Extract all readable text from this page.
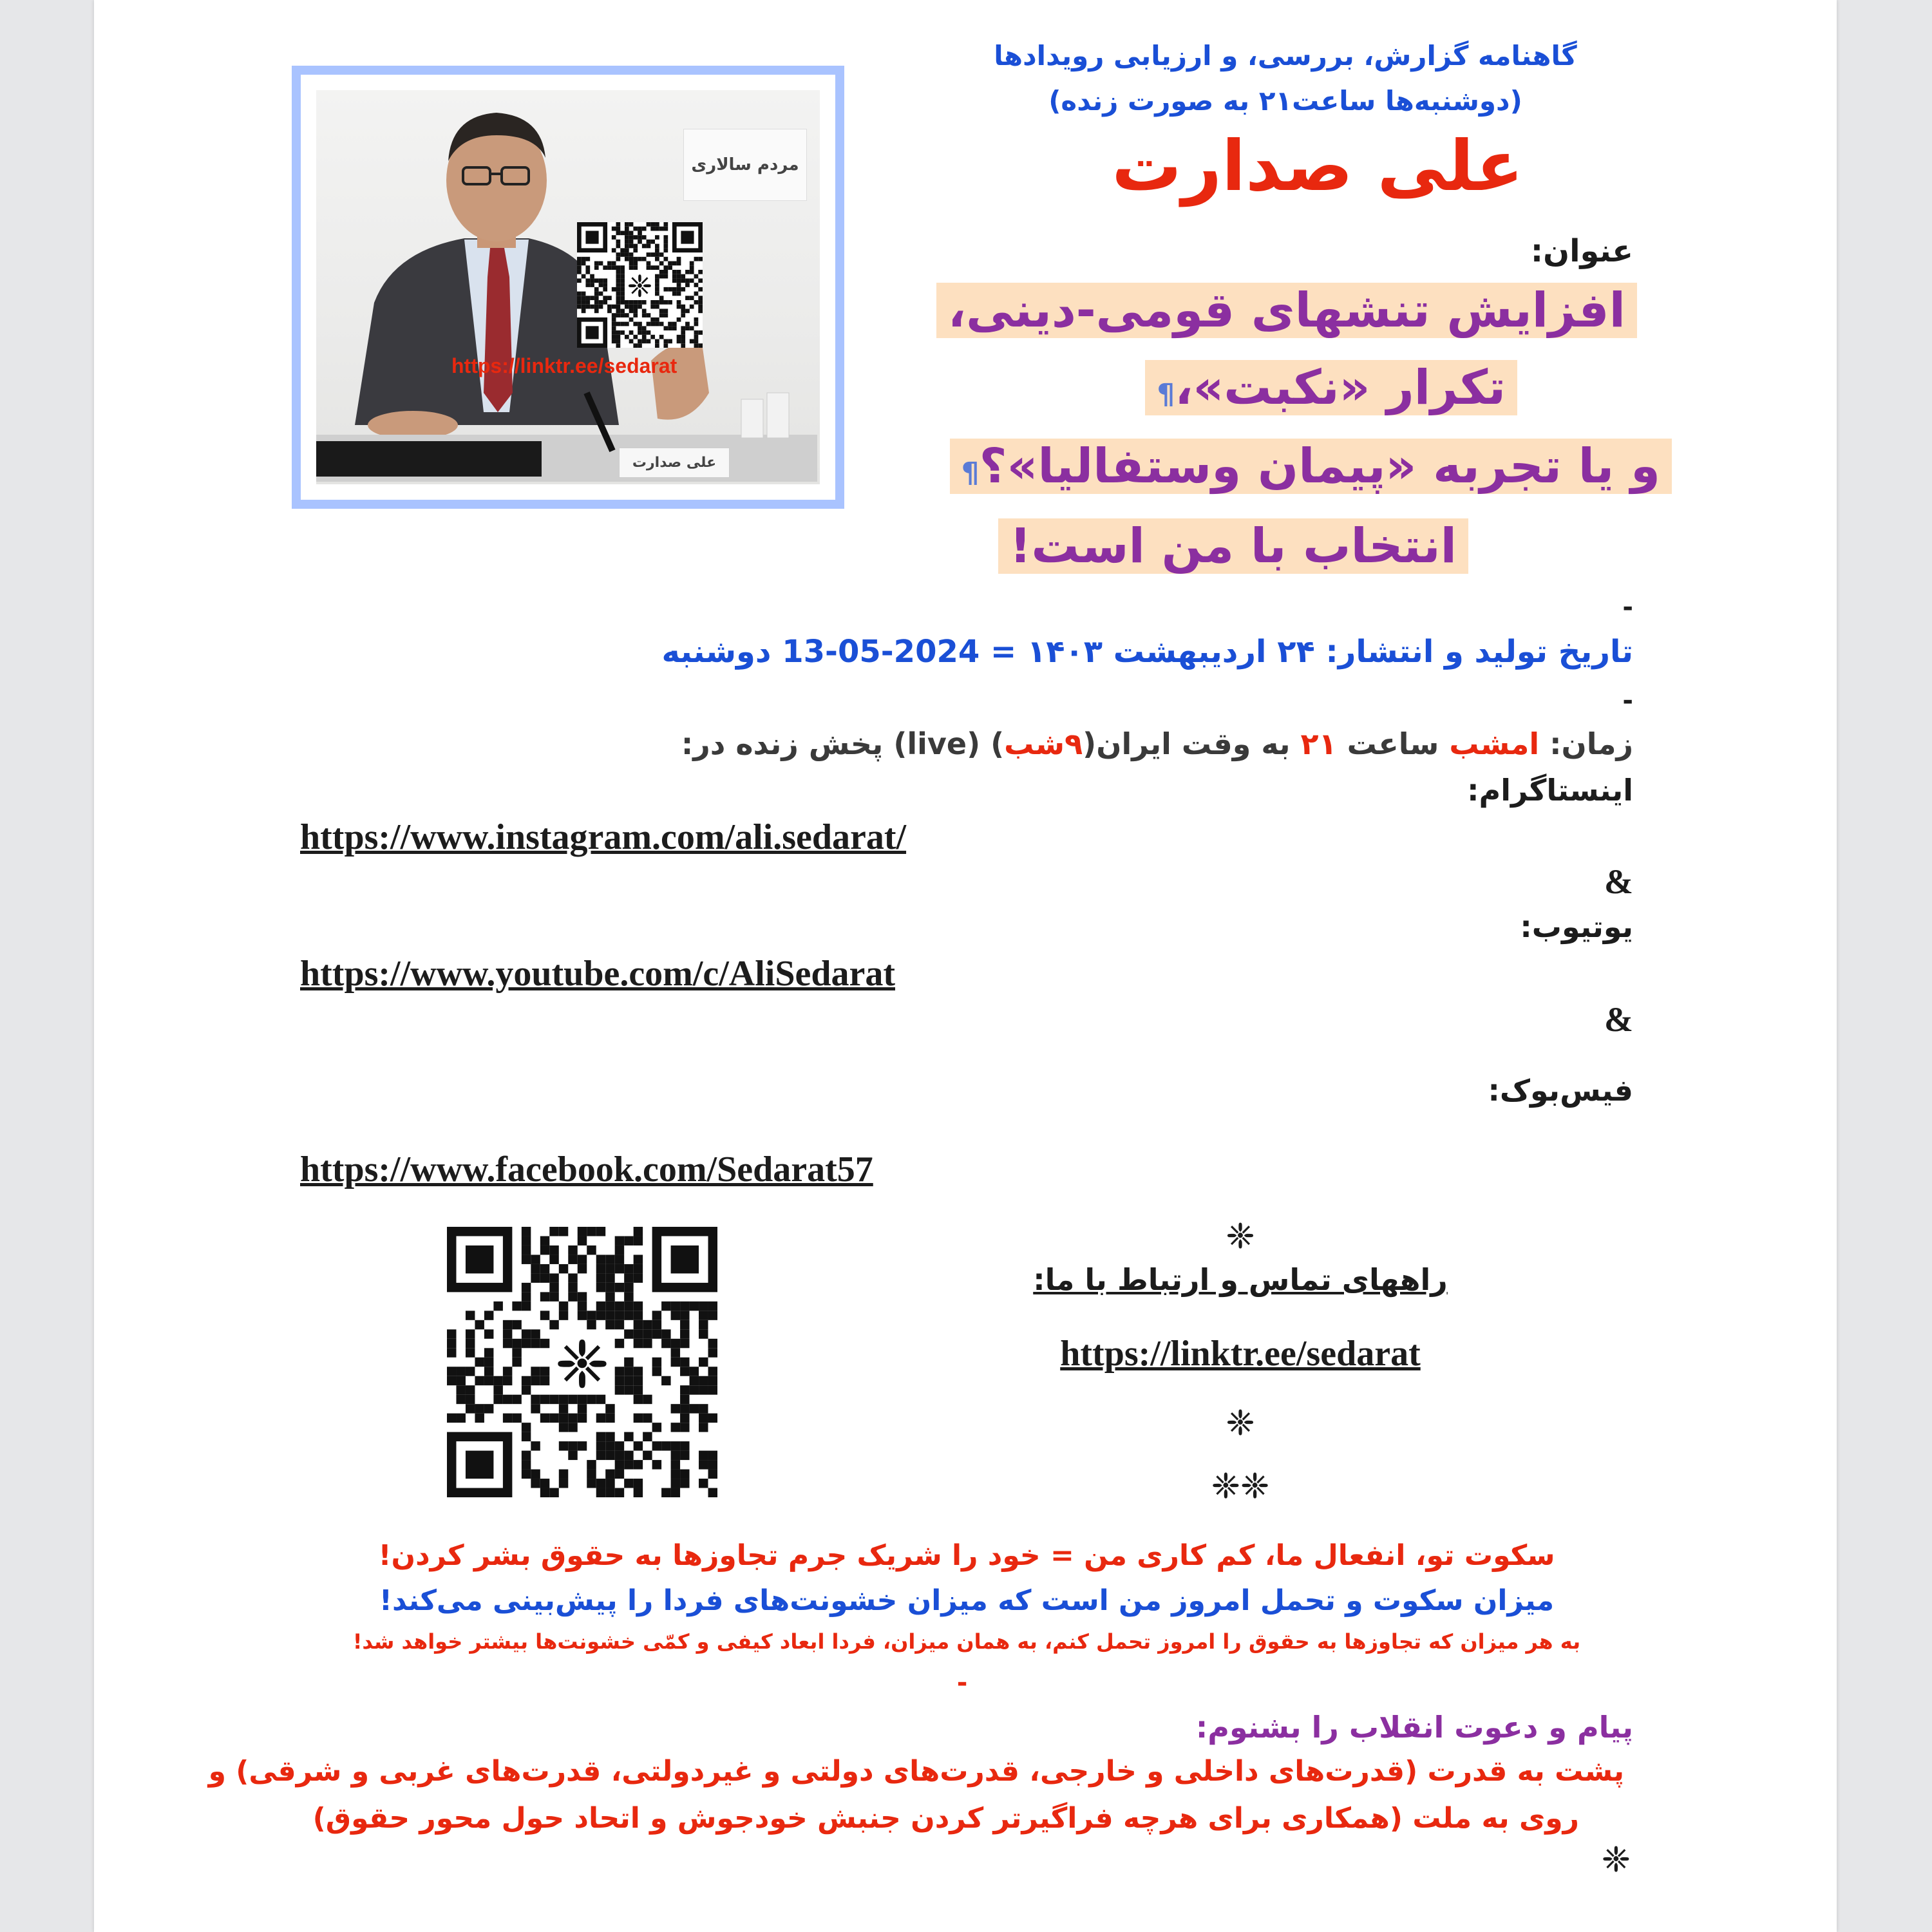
گاهنامه گزارش، بررسی، و ارزیابی رویدادها
(دوشنبه‌ها ساعت۲۱ به صورت زنده)
علی صدارت
مردم سالاری
علی صدارت
❈
https://linktr.ee/sedarat
عنوان:
افزایش تنشهای قومی-دینی،
تکرار «نکبت»،¶
و یا تجربه «پیمان وستفالیا»؟¶
انتخاب با من است!
-
تاریخ تولید و انتشار: ۲۴ اردیبهشت ۱۴۰۳ = 2024-05-13 دوشنبه
-
زمان: امشب ساعت ۲۱ به وقت ایران(۹شب) (live) پخش زنده در:
اینستاگرام:
https://www.instagram.com/ali.sedarat/
&
یوتیوب:
https://www.youtube.com/c/AliSedarat
&
فیس‌بوک:
https://www.facebook.com/Sedarat57
❈
❈
راههای تماس و ارتباط با ما:
https://linktr.ee/sedarat
❈
❈❈
سکوت تو، انفعال ما، کم کاری من = خود را شریک جرم تجاوزها به حقوق بشر کردن!
میزان سکوت و تحمل امروز من است که میزان خشونت‌های فردا را پیش‌بینی می‌کند!
به هر میزان که تجاوزها به حقوق را امروز تحمل کنم، به همان میزان، فردا ابعاد کیفی و کمّی خشونت‌ها بیشتر خواهد شد!
-
پیام و دعوت انقلاب را بشنوم:
پشت به قدرت (قدرت‌های داخلی و خارجی، قدرت‌های دولتی و غیردولتی، قدرت‌های غربی و شرقی) و
روی به ملت (همکاری برای هرچه فراگیرتر کردن جنبش خودجوش و اتحاد حول محور حقوق)
❈
